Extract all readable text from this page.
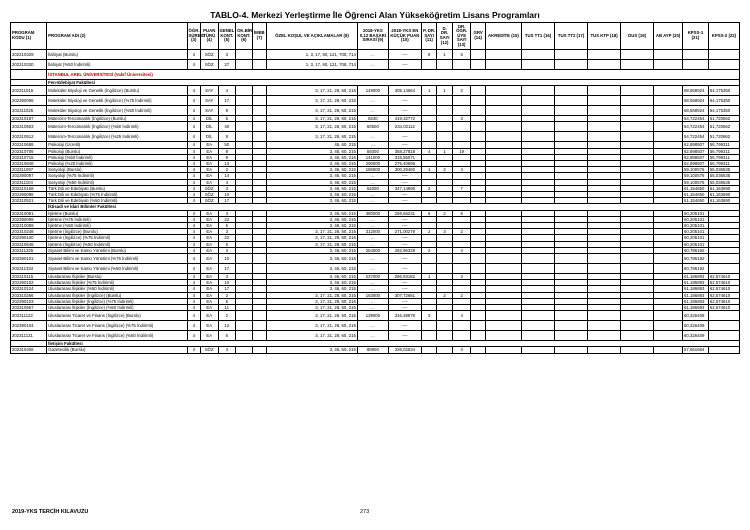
TABLO-4. Merkezi Yerleştirme İle Öğrenci Alan Yükseköğretim Lisans Programları
PROGRAM KODU (1)	PROGRAM ADI (2)	ÖĞR. SÜRESİ (3)	PUAN TÜRÜ (4)	GENEL KONT. (5)	OK.BİR. KONT. (6)	İMEB (7)	ÖZEL KOŞUL VE AÇIKLAMALAR (8)	2018-YKS 0,12 BAŞARI SIRASI (9)	2018-YKS EN KÜÇÜK PUAN (10)	P. DR. SAYI (11)	D. DR. SAYI (12)	DR. ÖĞR. ÜYE SAYI (13)	GRV (14)	AKREDİTE (15)	TUS TT1 (16)	TUS TT2 (17)	TUS KTP (18)	DUS (19)	AB AYP (20)	KPSS-1 (21)	KPSS-2 (22)
202210329	İlahiyat (Burslu)	4	SÖZ	3			1, 3, 17, 60, 121, 708, 714	...	----	8	1	5									
202210330	İlahiyat (%50 İndirimli)	4	SÖZ	27			1, 3, 17, 60, 121, 708, 714	...	----												
	İSTANBUL AREL ÜNİVERSİTESİ (Vakıf Üniversitesi)																				
	Fen-Edebiyat Fakültesi																				
202311016	Moleküler Biyoloji ve Genetik (İngilizce) (Burslu)	4	SAY	4			3, 17, 21, 28, 60, 215	149000	305,14664	1	1	2								68,568924	64,175350
202390096	Moleküler Biyoloji ve Genetik (İngilizce) (%75 İndirimli)	4	SAY	17			3, 17, 21, 28, 60, 215	...	----											68,568924	64,175350
202311025	Moleküler Biyoloji ve Genetik (İngilizce) (%50 İndirimli)	4	SAY	9			3, 17, 21, 28, 60, 215	...	----											68,568924	64,175350
202310187	Mütercim-Tercümanlık (İngilizce) (Burslu)	4	DİL	5			3, 17, 21, 28, 60, 215	8240	419,32772			3								54,722454	51,720662
202310503	Mütercim-Tercümanlık (İngilizce) (%50 İndirimli)	4	DİL	40			3, 17, 21, 28, 60, 215	60500	234,02112											54,722454	51,720662
202310512	Mütercim-Tercümanlık (İngilizce) (%25 İndirimli)	4	DİL	9			3, 17, 21, 28, 60, 215	...	----											54,722454	51,720662
202310688	Psikoloji (Ücretli)	4	EA	50			46, 60, 215	...	----											62,898507	56,799311
202310706	Psikoloji (Burslu)	4	EA	8			3, 46, 60, 215	59300	358,27818	4	1	19								62,898507	56,799311
202310715	Psikoloji (%50 İndirimli)	4	EA	9			3, 46, 60, 215	141000	315,56071											62,898507	56,799311
202310848	Psikoloji (%25 İndirimli)	4	EA	13			3, 46, 60, 215	290000	275,40596											62,898507	56,799311
202311097	Sosyoloji (Burslu)	4	EA	2			3, 46, 60, 215	186000	300,29460	1	2	4								59,100576	55,036535
202390097	Sosyoloji (%75 İndirimli)	4	EA	14			3, 46, 60, 215	...	----											59,100576	55,036535
202311104	Sosyoloji (%50 İndirimli)	4	EA	4			3, 46, 60, 215	...	----											59,100576	55,036535
202310169	Türk Dili ve Edebiyatı (Burslu)	4	SÖZ	3			3, 46, 60, 215	64000	347,14895	2		7								61,154650	61,163690
202390098	Türk Dili ve Edebiyatı (%75 İndirimli)	4	SÖZ	10			3, 46, 60, 215	...	----											61,154650	61,163690
202310521	Türk Dili ve Edebiyatı (%50 İndirimli)	4	SÖZ	17			3, 46, 60, 215	...	----											61,154650	61,163690
	İktisadi ve İdari Bilimler Fakültesi																				
202310081	İşletme (Burslu)	4	EA	3			3, 46, 60, 215	380000	259,65231	6	2	5								60,205101	
202390099	İşletme (%75 İndirimli)	4	EA	22			3, 46, 60, 215	...	----											60,205101	
202310099	İşletme (%50 İndirimli)	4	EA	5			3, 46, 60, 215	...	----											60,205101	
202310248	İşletme (İngilizce) (Burslu)	4	EA	3			3, 17, 21, 28, 60, 215	312000	271,00279	2	3	2								60,205101	
202390100	İşletme (İngilizce) (%75 İndirimli)	4	EA	22			3, 17, 21, 28, 60, 215	...	----											60,205101	
202310548	İşletme (İngilizce) (%50 İndirimli)	4	EA	5			3, 17, 21, 28, 60, 215	...	----											60,205101	
202311325	Siyaset Bilimi ve Kamu Yönetimi (Burslu)	4	EA	3			3, 46, 60, 215	254000	282,96329	2		4								60,786192	
202390101	Siyaset Bilimi ve Kamu Yönetimi (%75 İndirimli)	4	EA	10			3, 46, 60, 215	...	----											60,786192	
202311334	Siyaset Bilimi ve Kamu Yönetimi (%50 İndirimli)	4	EA	17			3, 46, 60, 215	...	----											60,786192	
202310115	Uluslararası İlişkiler (Burslu)	4	EA	3			3, 46, 60, 215	237000	286,93182	1		3								61,186893	62,574610
202390102	Uluslararası İlişkiler (%75 İndirimli)	4	EA	10			3, 46, 60, 215	...	----											61,186893	62,574610
202310124	Uluslararası İlişkiler (%50 İndirimli)	4	EA	17			3, 46, 60, 215	...	----											61,186893	62,574610
202310266	Uluslararası İlişkiler (İngilizce) (Burslu)	4	EA	2			3, 17, 21, 28, 60, 215	163000	307,72651		2	2								61,186893	62,574610
202390103	Uluslararası İlişkiler (İngilizce) (%75 İndirimli)	4	EA	5			3, 17, 21, 28, 60, 215	...	----											61,186893	62,574610
202310557	Uluslararası İlişkiler (İngilizce) (%50 İndirimli)	4	EA	11			3, 17, 21, 28, 60, 215	...	----											61,186893	62,574610
202311122	Uluslararası Ticaret ve Finans (İngilizce) (Burslu)	4	EA	2			3, 17, 21, 28, 60, 215	139000	316,38879	3		4								60,326409	
202390104	Uluslararası Ticaret ve Finans (İngilizce) (%75 İndirimli)	4	EA	12			3, 17, 21, 28, 60, 215	...	----											60,326409	
202311131	Uluslararası Ticaret ve Finans (İngilizce) (%50 İndirimli)	4	EA	6			3, 17, 21, 28, 60, 215	...	----											60,326409	
	İletişim Fakültesi																				
202310406	Gazetecilik (Burslu)	4	SÖZ	3			3, 46, 60, 215	88900	336,02534			3								57,651664	
2019-YKS TERCİH KILAVUZU	273
